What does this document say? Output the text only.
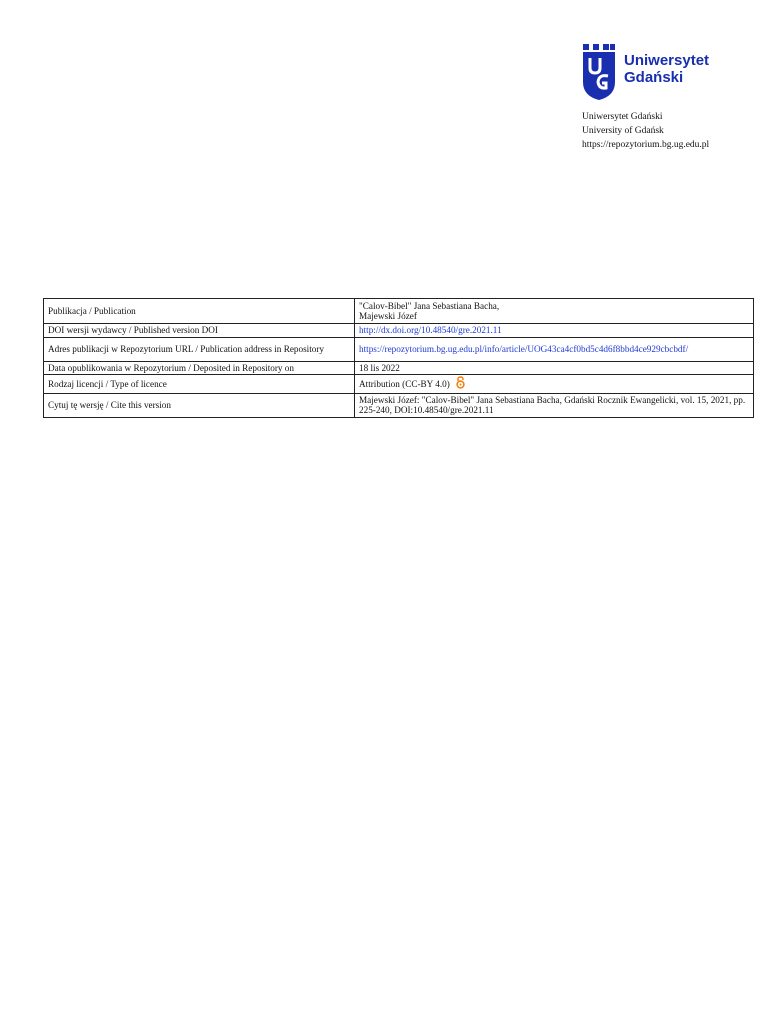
Uniwersytet
Gdański
Uniwersytet Gdański
University of Gdańsk
https://repozytorium.bg.ug.edu.pl
Publikacja / Publication	"Calov-Bibel" Jana Sebastiana Bacha,
Majewski Józef

DOI wersji wydawcy / Published version DOI	http://dx.doi.org/10.48540/gre.2021.11
Adres publikacji w Repozytorium URL / Publication address in Repository	https://repozytorium.bg.ug.edu.pl/info/article/UOG43ca4cf0bd5c4d6f8bbd4ce929cbcbdf/
Data opublikowania w Repozytorium / Deposited in Repository on	18 lis 2022
Rodzaj licencji / Type of licence	Attribution (CC-BY 4.0)

Cytuj tę wersję / Cite this version	Majewski Józef: "Calov-Bibel" Jana Sebastiana Bacha, Gdański Rocznik Ewangelicki, vol. 15, 2021, pp. 225-240, DOI:10.48540/gre.2021.11
